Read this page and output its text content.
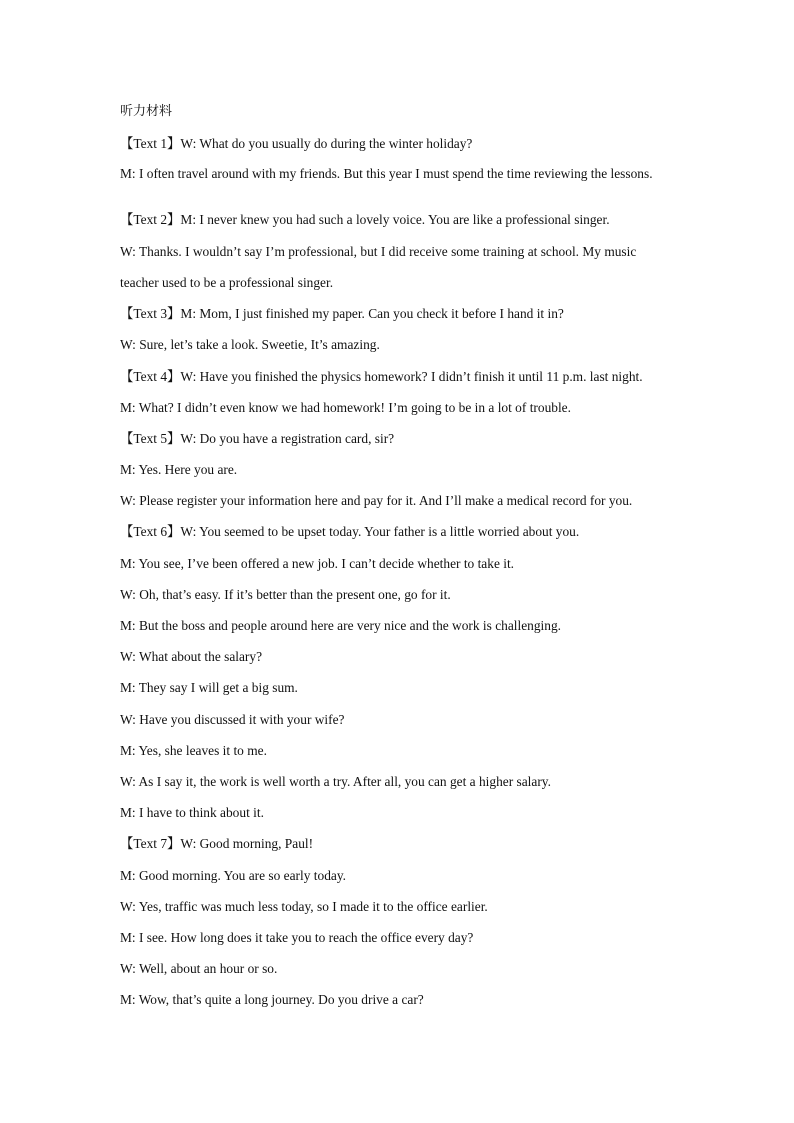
听力材料

【Text 1】W: What do you usually do during the winter holiday?

M: I often travel around with my friends. But this year I must spend the time reviewing the lessons.

【Text 2】M: I never knew you had such a lovely voice. You are like a professional singer.

W: Thanks. I wouldn’t say I’m professional, but I did receive some training at school. My music

teacher used to be a professional singer.

【Text 3】M: Mom, I just finished my paper. Can you check it before I hand it in?

W: Sure, let’s take a look. Sweetie, It’s amazing.

【Text 4】W: Have you finished the physics homework? I didn’t finish it until 11 p.m. last night.

M: What? I didn’t even know we had homework! I’m going to be in a lot of trouble.

【Text 5】W: Do you have a registration card, sir?

M: Yes. Here you are.

W: Please register your information here and pay for it. And I’ll make a medical record for you.

【Text 6】W: You seemed to be upset today. Your father is a little worried about you.

M: You see, I’ve been offered a new job. I can’t decide whether to take it.

W: Oh, that’s easy. If it’s better than the present one, go for it.

M: But the boss and people around here are very nice and the work is challenging.

W: What about the salary?

M: They say I will get a big sum.

W: Have you discussed it with your wife?

M: Yes, she leaves it to me.

W: As I say it, the work is well worth a try. After all, you can get a higher salary.

M: I have to think about it.

【Text 7】W: Good morning, Paul!

M: Good morning. You are so early today.

W: Yes, traffic was much less today, so I made it to the office earlier.

M: I see. How long does it take you to reach the office every day?

W: Well, about an hour or so.

M: Wow, that’s quite a long journey. Do you drive a car?
